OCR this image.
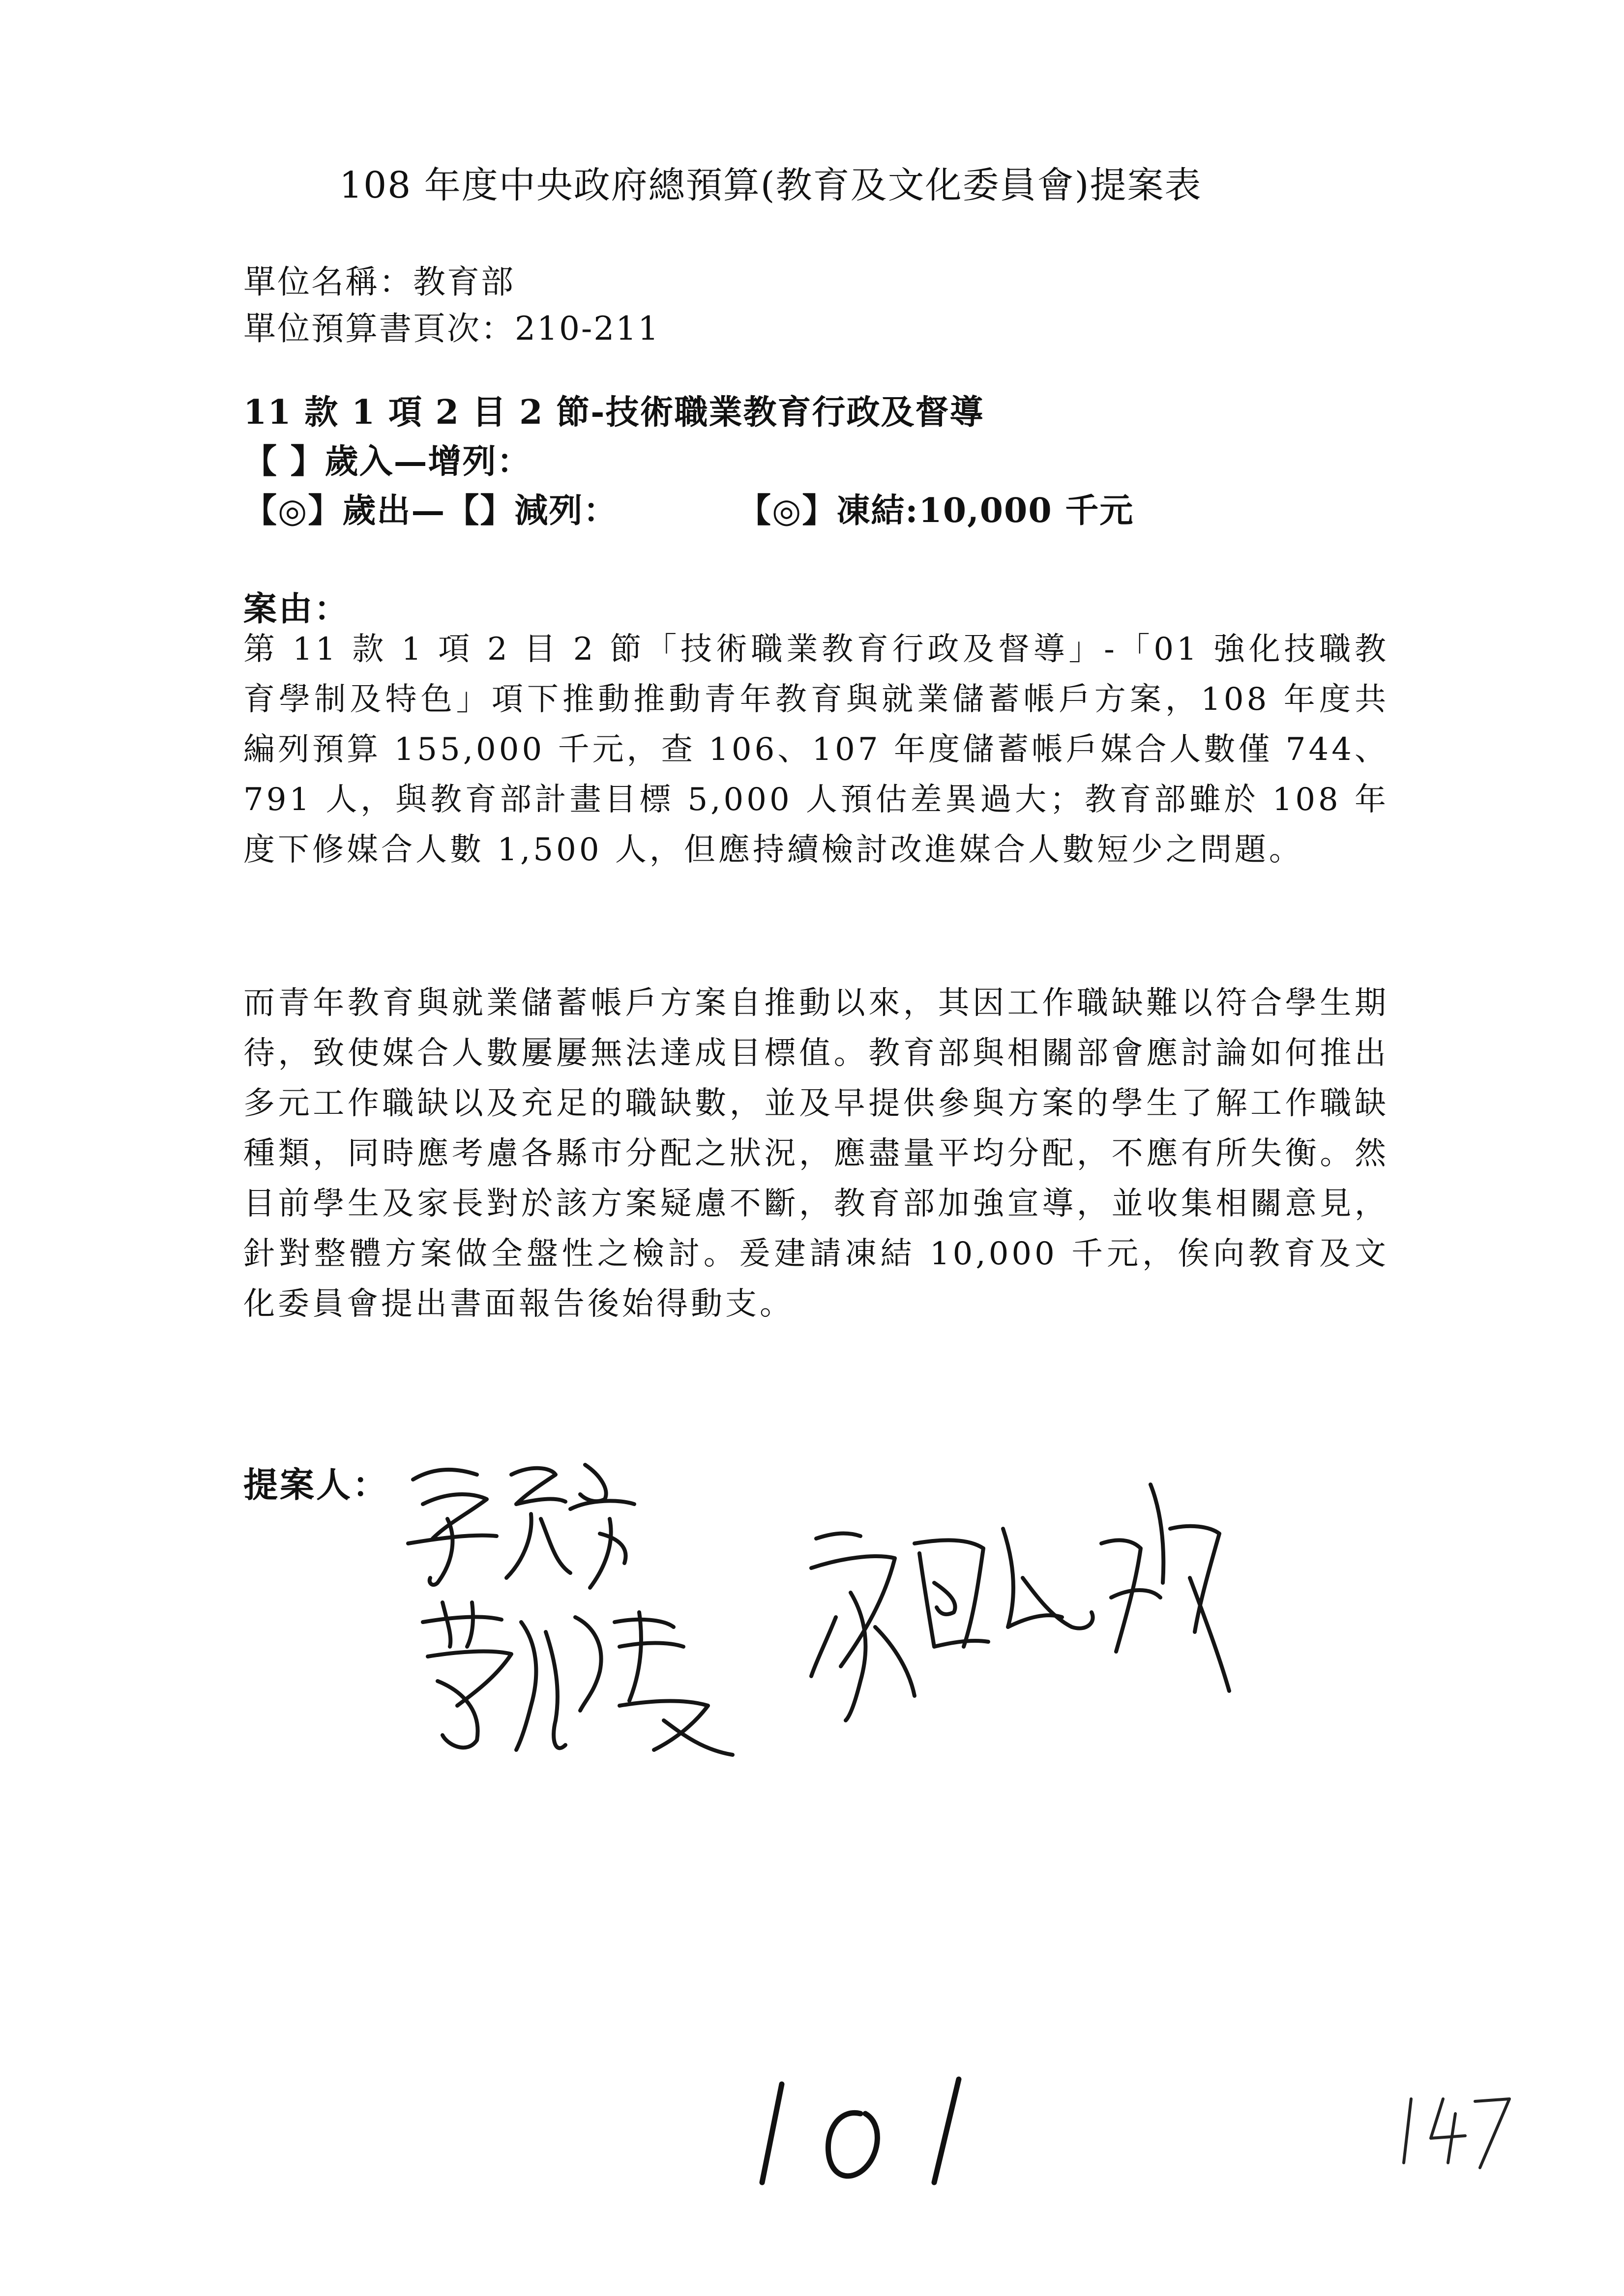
108 年度中央政府總預算(教育及文化委員會)提案表
單位名稱：教育部
單位預算書頁次：210-211
11 款 1 項 2 目 2 節-技術職業教育行政及督導
【 】歲入—增列：
【◎】歲出—【】減列：	【◎】凍結:10,000 千元
案由：
第 11 款 1 項 2 目 2 節「技術職業教育行政及督導」-「01 強化技職教育學制及特色」項下推動推動青年教育與就業儲蓄帳戶方案，108 年度共編列預算 155,000 千元，查 106、107 年度儲蓄帳戶媒合人數僅 744、791 人，與教育部計畫目標 5,000 人預估差異過大；教育部雖於 108 年度下修媒合人數 1,500 人，但應持續檢討改進媒合人數短少之問題。
而青年教育與就業儲蓄帳戶方案自推動以來，其因工作職缺難以符合學生期待，致使媒合人數屢屢無法達成目標值。教育部與相關部會應討論如何推出多元工作職缺以及充足的職缺數，並及早提供參與方案的學生了解工作職缺種類，同時應考慮各縣市分配之狀況，應盡量平均分配，不應有所失衡。然目前學生及家長對於該方案疑慮不斷，教育部加強宣導，並收集相關意見，針對整體方案做全盤性之檢討。爰建請凍結 10,000 千元，俟向教育及文化委員會提出書面報告後始得動支。
提案人：
